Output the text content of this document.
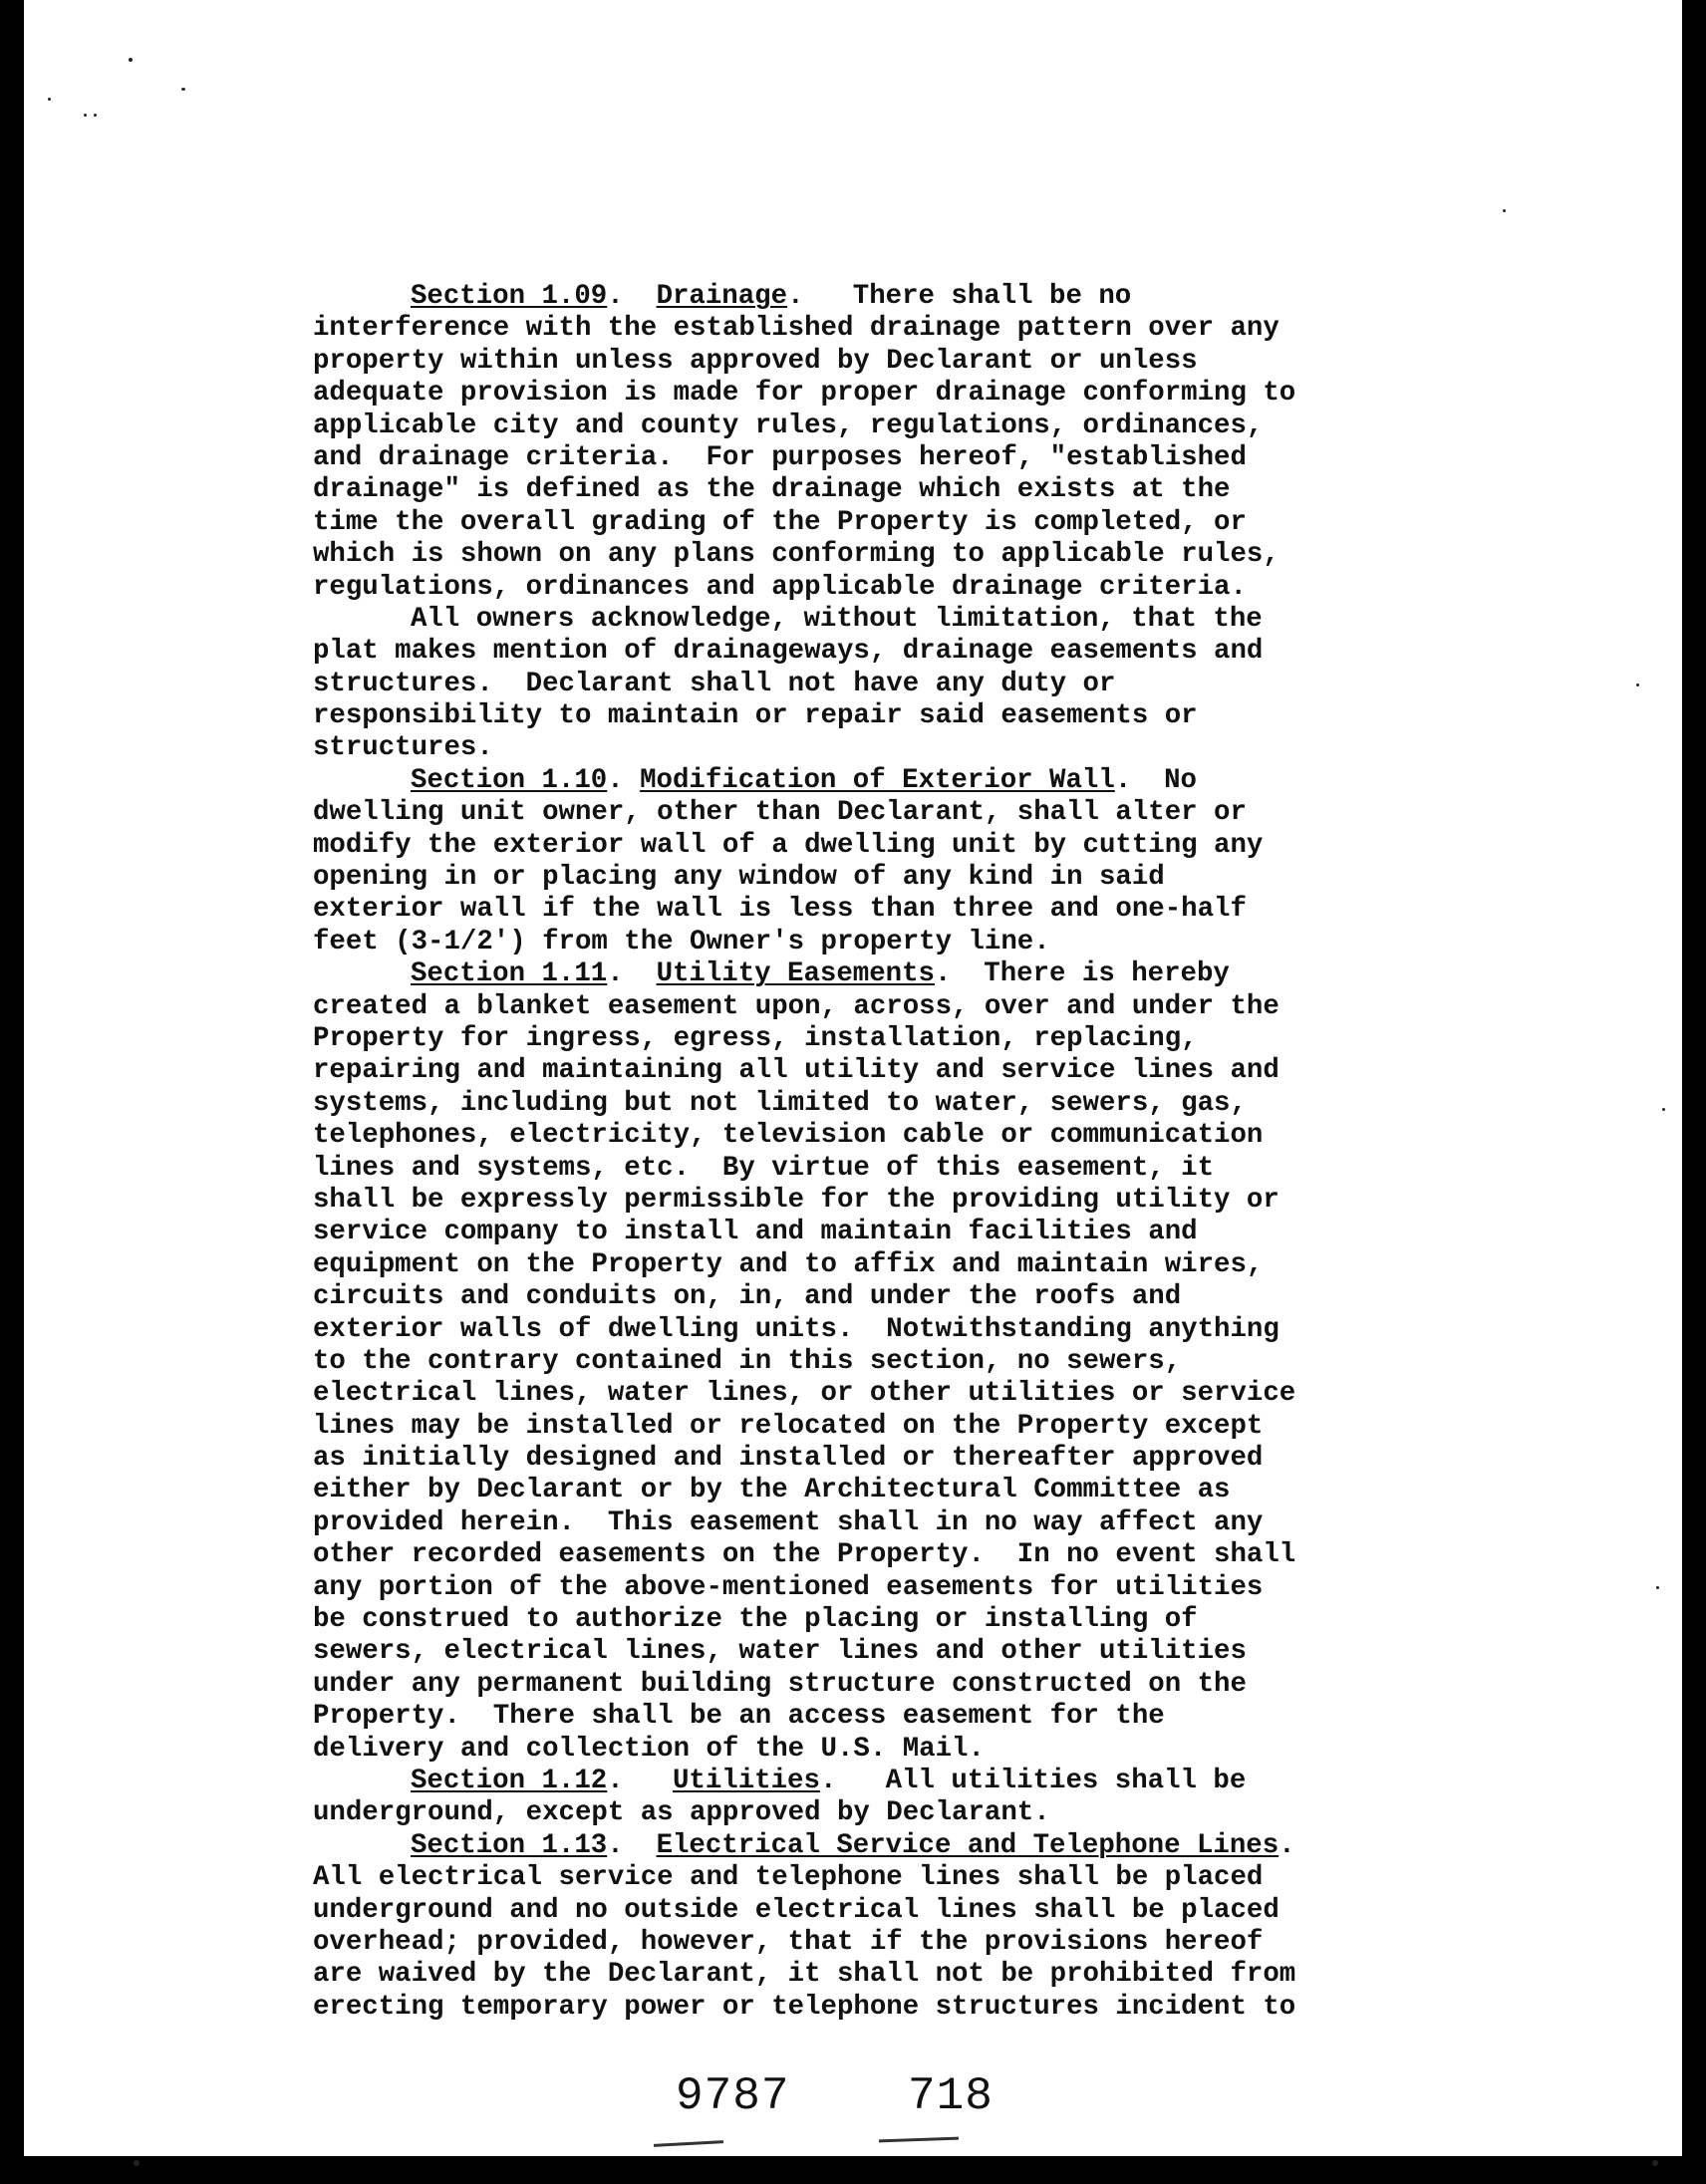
Section 1.09.  Drainage.   There shall be no
interference with the established drainage pattern over any
property within unless approved by Declarant or unless
adequate provision is made for proper drainage conforming to
applicable city and county rules, regulations, ordinances,
and drainage criteria.  For purposes hereof, "established
drainage" is defined as the drainage which exists at the
time the overall grading of the Property is completed, or
which is shown on any plans conforming to applicable rules,
regulations, ordinances and applicable drainage criteria.
All owners acknowledge, without limitation, that the
plat makes mention of drainageways, drainage easements and
structures.  Declarant shall not have any duty or
responsibility to maintain or repair said easements or
structures.
Section 1.10. Modification of Exterior Wall.  No
dwelling unit owner, other than Declarant, shall alter or
modify the exterior wall of a dwelling unit by cutting any
opening in or placing any window of any kind in said
exterior wall if the wall is less than three and one-half
feet (3-1/2') from the Owner's property line.
Section 1.11.  Utility Easements.  There is hereby
created a blanket easement upon, across, over and under the
Property for ingress, egress, installation, replacing,
repairing and maintaining all utility and service lines and
systems, including but not limited to water, sewers, gas,
telephones, electricity, television cable or communication
lines and systems, etc.  By virtue of this easement, it
shall be expressly permissible for the providing utility or
service company to install and maintain facilities and
equipment on the Property and to affix and maintain wires,
circuits and conduits on, in, and under the roofs and
exterior walls of dwelling units.  Notwithstanding anything
to the contrary contained in this section, no sewers,
electrical lines, water lines, or other utilities or service
lines may be installed or relocated on the Property except
as initially designed and installed or thereafter approved
either by Declarant or by the Architectural Committee as
provided herein.  This easement shall in no way affect any
other recorded easements on the Property.  In no event shall
any portion of the above-mentioned easements for utilities
be construed to authorize the placing or installing of
sewers, electrical lines, water lines and other utilities
under any permanent building structure constructed on the
Property.  There shall be an access easement for the
delivery and collection of the U.S. Mail.
Section 1.12.   Utilities.   All utilities shall be
underground, except as approved by Declarant.
Section 1.13.  Electrical Service and Telephone Lines.
All electrical service and telephone lines shall be placed
underground and no outside electrical lines shall be placed
overhead; provided, however, that if the provisions hereof
are waived by the Declarant, it shall not be prohibited from
erecting temporary power or telephone structures incident to
9787	718
